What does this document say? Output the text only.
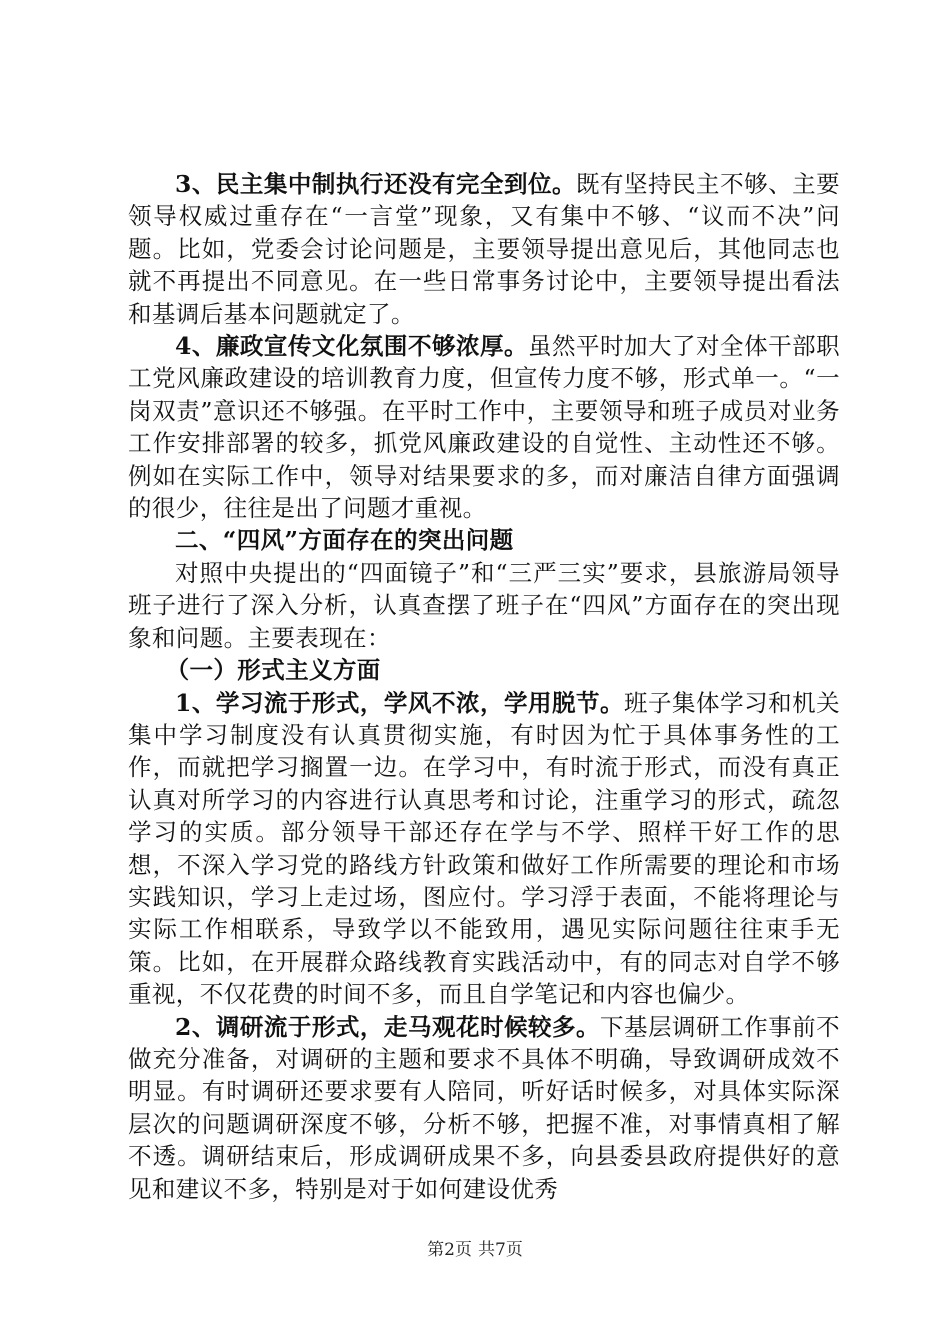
3、民主集中制执行还没有完全到位。既有坚持民主不够、主要领导权威过重存在“一言堂”现象，又有集中不够、“议而不决”问题。比如，党委会讨论问题是，主要领导提出意见后，其他同志也就不再提出不同意见。在一些日常事务讨论中，主要领导提出看法和基调后基本问题就定了。

4、廉政宣传文化氛围不够浓厚。虽然平时加大了对全体干部职工党风廉政建设的培训教育力度，但宣传力度不够，形式单一。“一岗双责”意识还不够强。在平时工作中，主要领导和班子成员对业务工作安排部署的较多，抓党风廉政建设的自觉性、主动性还不够。例如在实际工作中，领导对结果要求的多，而对廉洁自律方面强调的很少，往往是出了问题才重视。

二、“四风”方面存在的突出问题

对照中央提出的“四面镜子”和“三严三实”要求，县旅游局领导班子进行了深入分析，认真查摆了班子在“四风”方面存在的突出现象和问题。主要表现在：

（一）形式主义方面

1、学习流于形式，学风不浓，学用脱节。班子集体学习和机关集中学习制度没有认真贯彻实施，有时因为忙于具体事务性的工作，而就把学习搁置一边。在学习中，有时流于形式，而没有真正认真对所学习的内容进行认真思考和讨论，注重学习的形式，疏忽学习的实质。部分领导干部还存在学与不学、照样干好工作的思想，不深入学习党的路线方针政策和做好工作所需要的理论和市场实践知识，学习上走过场，图应付。学习浮于表面，不能将理论与实际工作相联系，导致学以不能致用，遇见实际问题往往束手无策。比如，在开展群众路线教育实践活动中，有的同志对自学不够重视，不仅花费的时间不多，而且自学笔记和内容也偏少。

2、调研流于形式，走马观花时候较多。下基层调研工作事前不做充分准备，对调研的主题和要求不具体不明确，导致调研成效不明显。有时调研还要求要有人陪同，听好话时候多，对具体实际深层次的问题调研深度不够，分析不够，把握不准，对事情真相了解不透。调研结束后，形成调研成果不多，向县委县政府提供好的意见和建议不多，特别是对于如何建设优秀

第2页 共7页
